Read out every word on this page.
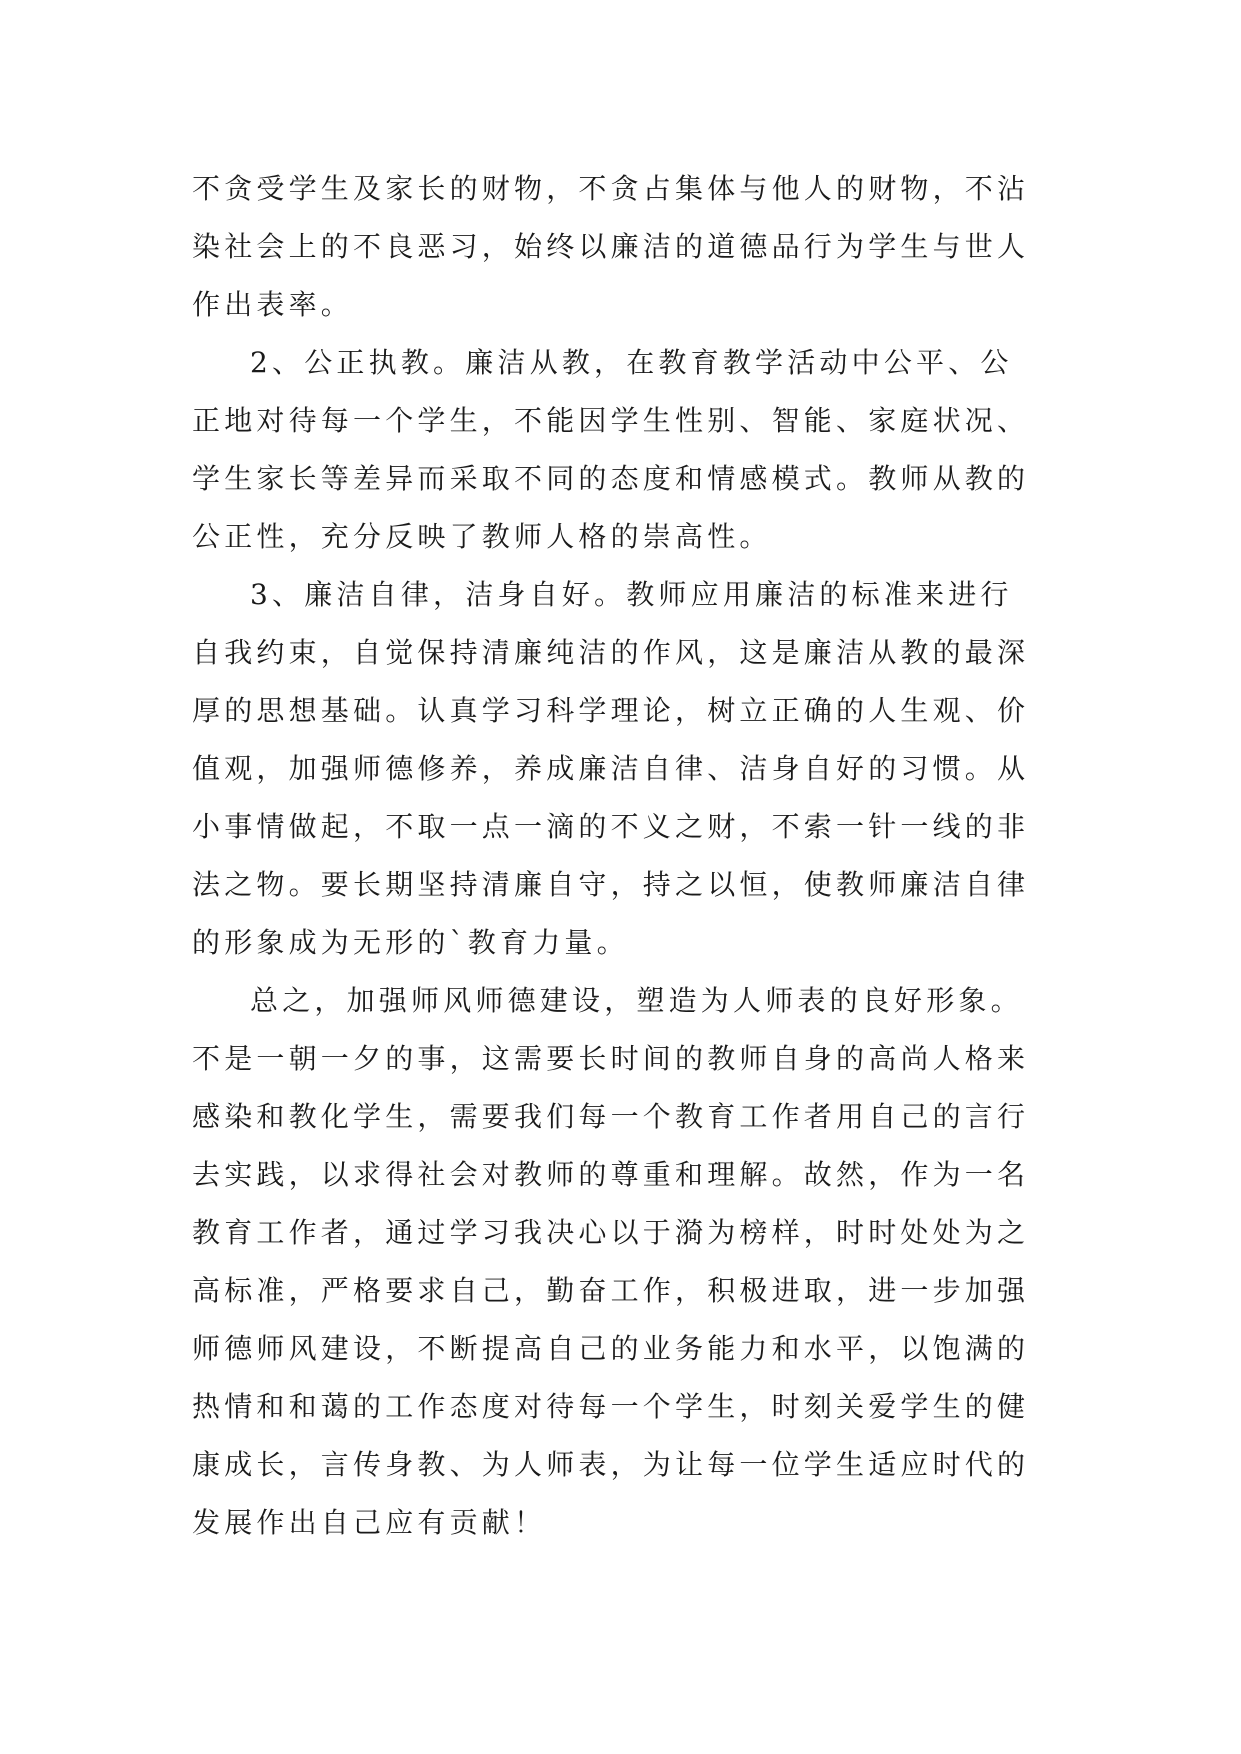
不贪受学生及家长的财物，不贪占集体与他人的财物，不沾
染社会上的不良恶习，始终以廉洁的道德品行为学生与世人
作出表率。
2、公正执教。廉洁从教，在教育教学活动中公平、公
正地对待每一个学生，不能因学生性别、智能、家庭状况、
学生家长等差异而采取不同的态度和情感模式。教师从教的
公正性，充分反映了教师人格的崇高性。
3、廉洁自律，洁身自好。教师应用廉洁的标准来进行
自我约束，自觉保持清廉纯洁的作风，这是廉洁从教的最深
厚的思想基础。认真学习科学理论，树立正确的人生观、价
值观，加强师德修养，养成廉洁自律、洁身自好的习惯。从
小事情做起，不取一点一滴的不义之财，不索一针一线的非
法之物。要长期坚持清廉自守，持之以恒，使教师廉洁自律
的形象成为无形的`教育力量。
总之，加强师风师德建设，塑造为人师表的良好形象。
不是一朝一夕的事，这需要长时间的教师自身的高尚人格来
感染和教化学生，需要我们每一个教育工作者用自己的言行
去实践，以求得社会对教师的尊重和理解。故然，作为一名
教育工作者，通过学习我决心以于漪为榜样，时时处处为之
高标准，严格要求自己，勤奋工作，积极进取，进一步加强
师德师风建设，不断提高自己的业务能力和水平，以饱满的
热情和和蔼的工作态度对待每一个学生，时刻关爱学生的健
康成长，言传身教、为人师表，为让每一位学生适应时代的
发展作出自己应有贡献！
